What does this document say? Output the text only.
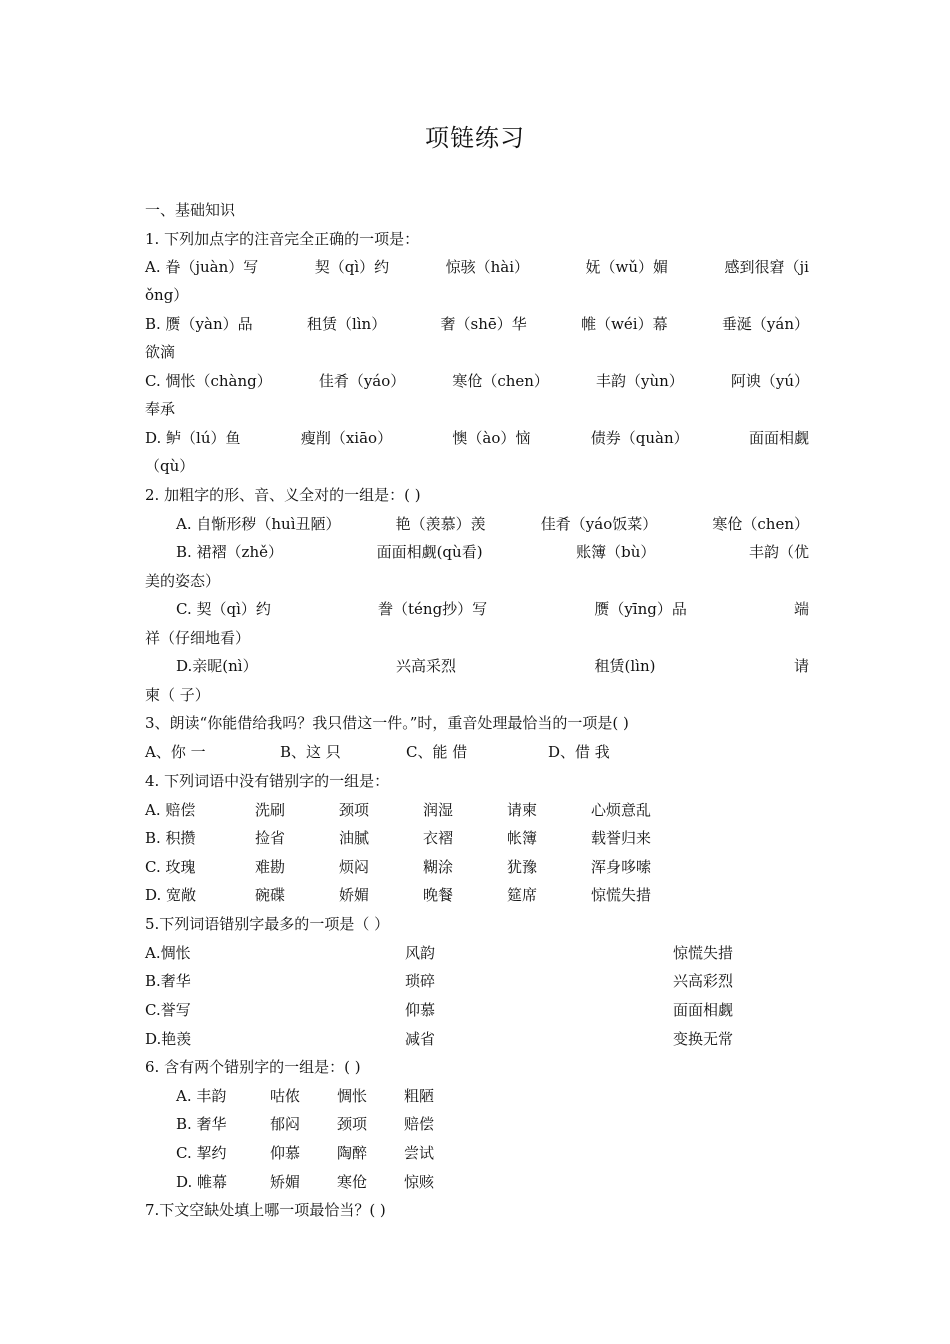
项链练习
一、基础知识
1. 下列加点字的注音完全正确的一项是：
A. 眷（juàn）写	契（qì）约	惊骇（hài）	妩（wǔ）媚	感到很窘（ji
ǒng）
B. 赝（yàn）品	租赁（lìn）	奢（shē）华	帷（wéi）幕	垂涎（yán）
欲滴
C. 惆怅（chàng）	佳肴（yáo）	寒伧（chen）	丰韵（yùn）	阿谀（yú）
奉承
D. 鲈（lú）鱼	瘦削（xiāo）	懊（ào）恼	债券（quàn）	面面相觑
（qù）
2. 加粗字的形、音、义全对的一组是：( )
A. 自惭形秽（huì丑陋）	艳（羡慕）羡	佳肴（yáo饭菜）	寒伧（chen）
B. 裙褶（zhě）	面面相觑(qù看)	账簿（bù）	丰韵（优
美的姿态）
C. 契（qì）约	誊（téng抄）写	赝（yīng）品	端
祥（仔细地看）
D.亲昵(nì）	兴高采烈	租赁(lìn)	请
柬（ 子）
3、朗读“你能借给我吗？我只借这一件。”时，重音处理最恰当的一项是( )
A、你 一	B、这 只	C、能 借	D、借 我
4. 下列词语中没有错别字的一组是：
A. 赔偿	洗刷	颈项	润湿	请柬	心烦意乱
B. 积攒	捡省	油腻	衣褶	帐簿	载誉归来
C. 玫瑰	难勘	烦闷	糊涂	犹豫	浑身哆嗦
D. 宽敞	碗碟	娇媚	晚餐	筵席	惊慌失措
5.下列词语错别字最多的一项是（ ）
A.惆怅	风韵	惊慌失措
B.奢华	琐碎	兴高彩烈
C.誉写	仰慕	面面相觑
D.艳羡	减省	变换无常
6. 含有两个错别字的一组是：( )
A. 丰韵	咕侬	惆怅	粗陋
B. 奢华	郁闷	颈项	赔偿
C. 挈约	仰慕	陶醉	尝试
D. 帷幕	矫媚	寒伧	惊赅
7.下文空缺处填上哪一项最恰当？( )
